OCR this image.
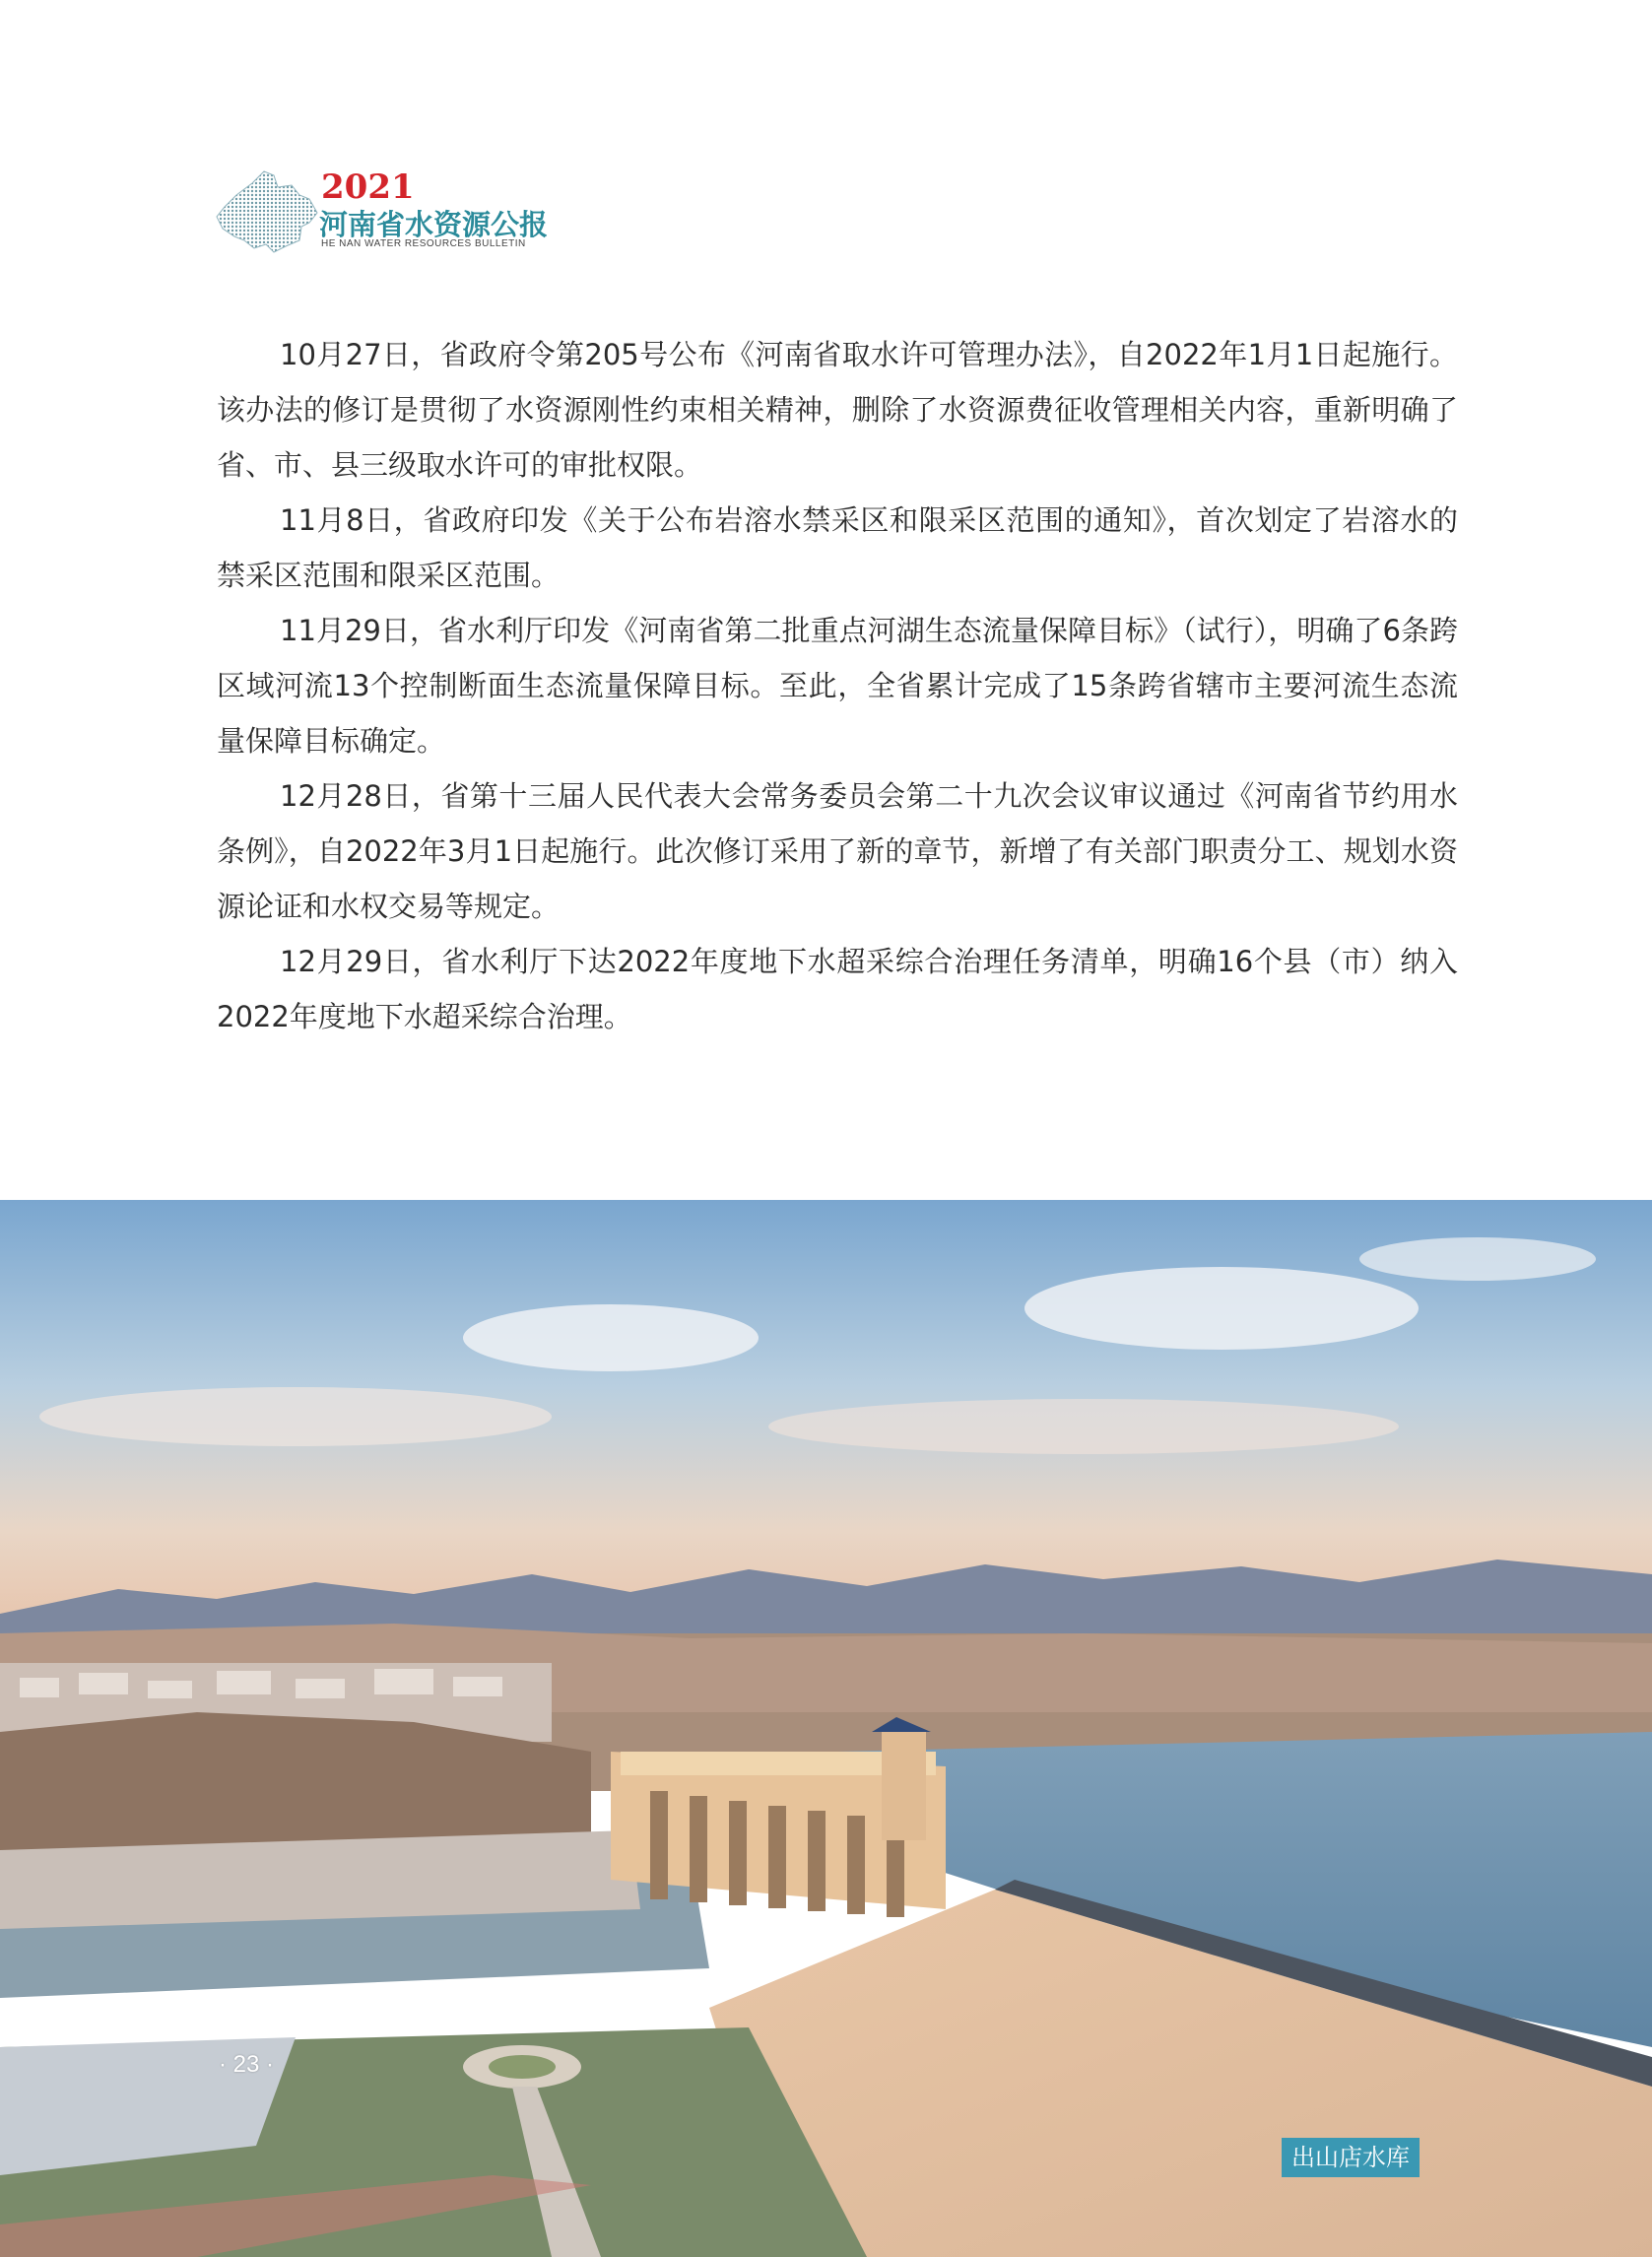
2021
河南省水资源公报
HE NAN WATER RESOURCES BULLETIN

10月27日，省政府令第205号公布《河南省取水许可管理办法》，自2022年1月1日起施行。该办法的修订是贯彻了水资源刚性约束相关精神，删除了水资源费征收管理相关内容，重新明确了省、市、县三级取水许可的审批权限。

11月8日，省政府印发《关于公布岩溶水禁采区和限采区范围的通知》，首次划定了岩溶水的禁采区范围和限采区范围。

11月29日，省水利厅印发《河南省第二批重点河湖生态流量保障目标》（试行），明确了6条跨区域河流13个控制断面生态流量保障目标。至此，全省累计完成了15条跨省辖市主要河流生态流量保障目标确定。

12月28日，省第十三届人民代表大会常务委员会第二十九次会议审议通过《河南省节约用水条例》，自2022年3月1日起施行。此次修订采用了新的章节，新增了有关部门职责分工、规划水资源论证和水权交易等规定。

12月29日，省水利厅下达2022年度地下水超采综合治理任务清单，明确16个县（市）纳入2022年度地下水超采综合治理。

· 23 ·
出山店水库
